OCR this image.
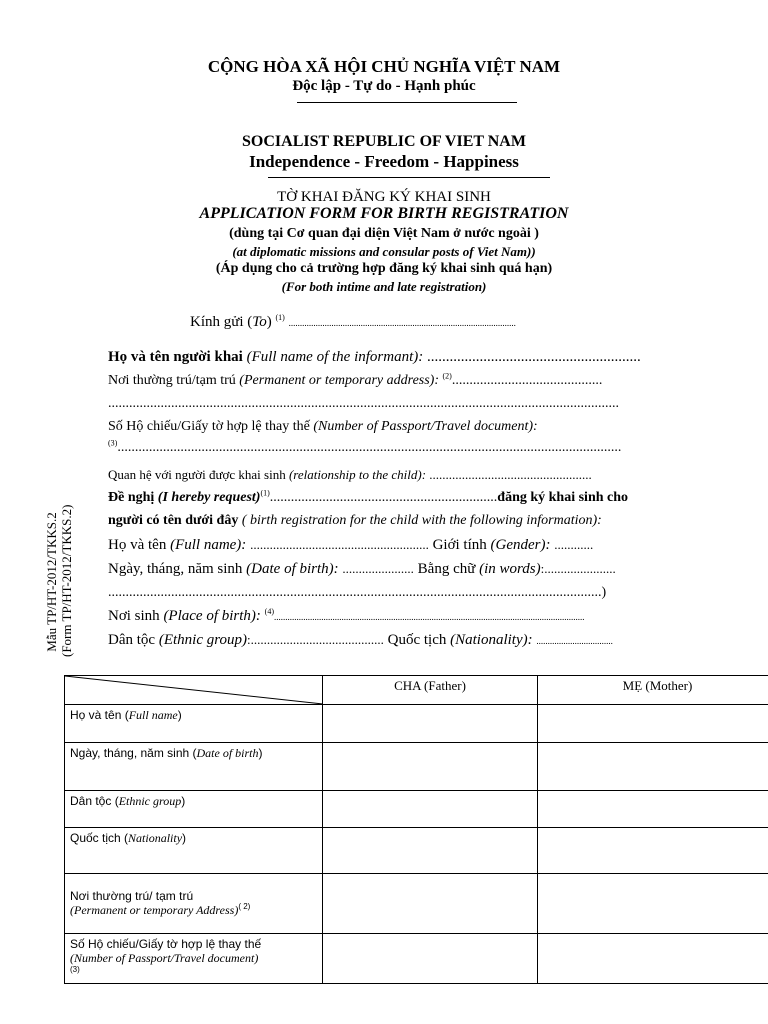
CỘNG HÒA XÃ HỘI CHỦ NGHĨA VIỆT NAM
Độc lập - Tự do - Hạnh phúc
SOCIALIST REPUBLIC OF VIET NAM
Independence - Freedom - Happiness
TỜ KHAI ĐĂNG KÝ KHAI SINH
APPLICATION FORM FOR BIRTH REGISTRATION
(dùng tại Cơ quan đại diện Việt Nam ở nước ngoài )
(at diplomatic missions and consular posts of Viet Nam))
(Áp dụng cho cả trường hợp đăng ký khai sinh quá hạn)
(For both intime and late registration)
Mẫu TP/HT-2012/TKKS.2 (Form TP/HT-2012/TKKS.2)
Kính gửi (To) $^{(1)}$ .....................................................................................................
Họ và tên người khai (Full name of the informant): .........................................................
Nơi thường trú/tạm trú (Permanent or temporary address): $^{(2)}$...........................................
..................................................................................................................................................
Số Hộ chiếu/Giấy tờ hợp lệ thay thế (Number of Passport/Travel document):
$^{(3)}$................................................................................................................................................
Quan hệ với người được khai sinh (relationship to the child): ..................................................
Đề nghị (I hereby request)$^{(1)}$.................................................................đăng ký khai sinh cho
người có tên dưới đây ( birth registration for the child with the following information):
Họ và tên (Full name): ....................................................... Giới tính (Gender): ............
Ngày, tháng, năm sinh (Date of birth): ...................... Bằng chữ (in words):......................
.............................................................................................................................................)
Nơi sinh (Place of birth): $^{(4)}$..........................................................................................................................................
Dân tộc (Ethnic group):......................................... Quốc tịch (Nationality): ..................................
	CHA (Father)	MẸ (Mother)
Họ và tên (Full name)		
Ngày, tháng, năm sinh (Date of birth)		
Dân tộc (Ethnic group)		
Quốc tịch (Nationality)		

Nơi thường trú/ tạm trú
(Permanent or temporary Address)$^{( 2)}$

Số Hộ chiếu/Giấy tờ hợp lệ thay thế
(Number of Passport/Travel document)
$^{(3)}$
